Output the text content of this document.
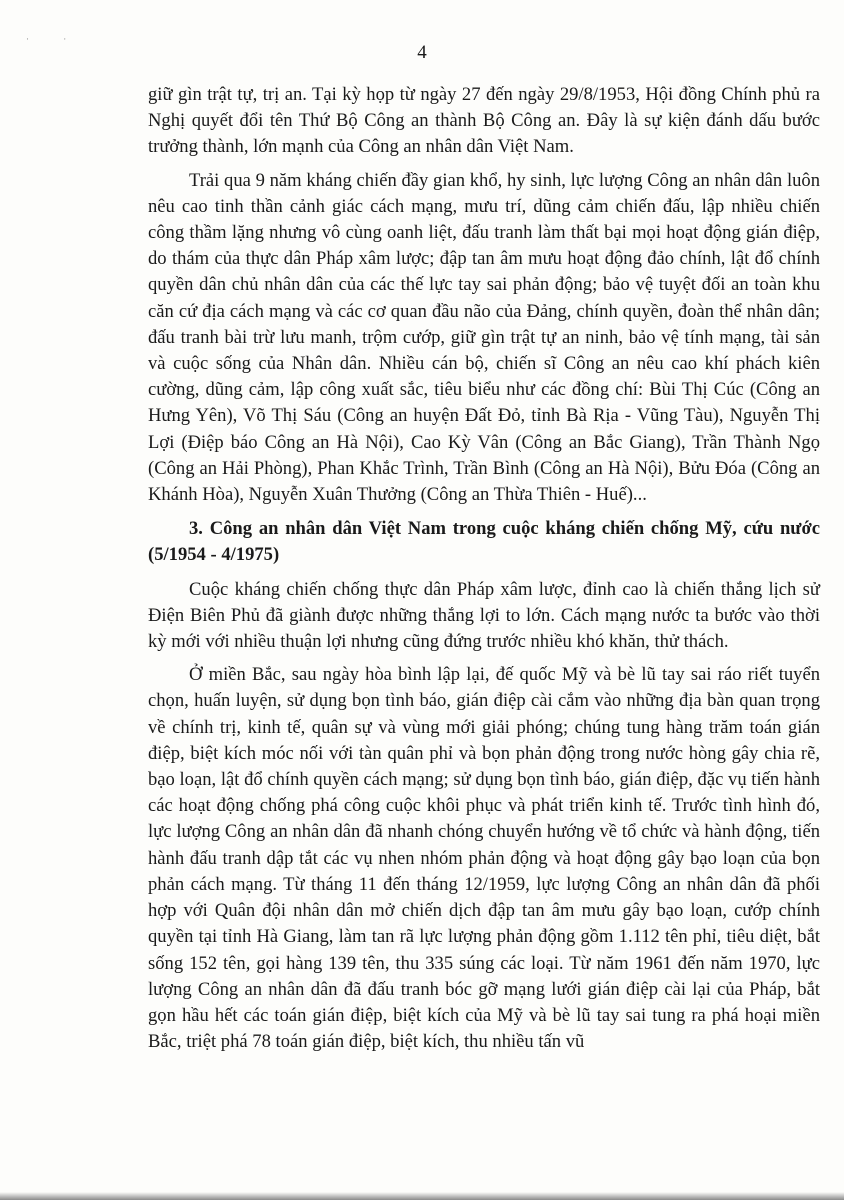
· ·
4

giữ gìn trật tự, trị an. Tại kỳ họp từ ngày 27 đến ngày 29/8/1953, Hội đồng Chính phủ ra Nghị quyết đổi tên Thứ Bộ Công an thành Bộ Công an. Đây là sự kiện đánh dấu bước trưởng thành, lớn mạnh của Công an nhân dân Việt Nam.

Trải qua 9 năm kháng chiến đầy gian khổ, hy sinh, lực lượng Công an nhân dân luôn nêu cao tinh thần cảnh giác cách mạng, mưu trí, dũng cảm chiến đấu, lập nhiều chiến công thầm lặng nhưng vô cùng oanh liệt, đấu tranh làm thất bại mọi hoạt động gián điệp, do thám của thực dân Pháp xâm lược; đập tan âm mưu hoạt động đảo chính, lật đổ chính quyền dân chủ nhân dân của các thế lực tay sai phản động; bảo vệ tuyệt đối an toàn khu căn cứ địa cách mạng và các cơ quan đầu não của Đảng, chính quyền, đoàn thể nhân dân; đấu tranh bài trừ lưu manh, trộm cướp, giữ gìn trật tự an ninh, bảo vệ tính mạng, tài sản và cuộc sống của Nhân dân. Nhiều cán bộ, chiến sĩ Công an nêu cao khí phách kiên cường, dũng cảm, lập công xuất sắc, tiêu biểu như các đồng chí: Bùi Thị Cúc (Công an Hưng Yên), Võ Thị Sáu (Công an huyện Đất Đỏ, tỉnh Bà Rịa - Vũng Tàu), Nguyễn Thị Lợi (Điệp báo Công an Hà Nội), Cao Kỳ Vân (Công an Bắc Giang), Trần Thành Ngọ (Công an Hải Phòng), Phan Khắc Trình, Trần Bình (Công an Hà Nội), Bửu Đóa (Công an Khánh Hòa), Nguyễn Xuân Thưởng (Công an Thừa Thiên - Huế)...

3. Công an nhân dân Việt Nam trong cuộc kháng chiến chống Mỹ, cứu nước (5/1954 - 4/1975)

Cuộc kháng chiến chống thực dân Pháp xâm lược, đỉnh cao là chiến thắng lịch sử Điện Biên Phủ đã giành được những thắng lợi to lớn. Cách mạng nước ta bước vào thời kỳ mới với nhiều thuận lợi nhưng cũng đứng trước nhiều khó khăn, thử thách.

Ở miền Bắc, sau ngày hòa bình lập lại, đế quốc Mỹ và bè lũ tay sai ráo riết tuyển chọn, huấn luyện, sử dụng bọn tình báo, gián điệp cài cắm vào những địa bàn quan trọng về chính trị, kinh tế, quân sự và vùng mới giải phóng; chúng tung hàng trăm toán gián điệp, biệt kích móc nối với tàn quân phỉ và bọn phản động trong nước hòng gây chia rẽ, bạo loạn, lật đổ chính quyền cách mạng; sử dụng bọn tình báo, gián điệp, đặc vụ tiến hành các hoạt động chống phá công cuộc khôi phục và phát triển kinh tế. Trước tình hình đó, lực lượng Công an nhân dân đã nhanh chóng chuyển hướng về tổ chức và hành động, tiến hành đấu tranh dập tắt các vụ nhen nhóm phản động và hoạt động gây bạo loạn của bọn phản cách mạng. Từ tháng 11 đến tháng 12/1959, lực lượng Công an nhân dân đã phối hợp với Quân đội nhân dân mở chiến dịch đập tan âm mưu gây bạo loạn, cướp chính quyền tại tỉnh Hà Giang, làm tan rã lực lượng phản động gồm 1.112 tên phỉ, tiêu diệt, bắt sống 152 tên, gọi hàng 139 tên, thu 335 súng các loại. Từ năm 1961 đến năm 1970, lực lượng Công an nhân dân đã đấu tranh bóc gỡ mạng lưới gián điệp cài lại của Pháp, bắt gọn hầu hết các toán gián điệp, biệt kích của Mỹ và bè lũ tay sai tung ra phá hoại miền Bắc, triệt phá 78 toán gián điệp, biệt kích, thu nhiều tấn vũ
